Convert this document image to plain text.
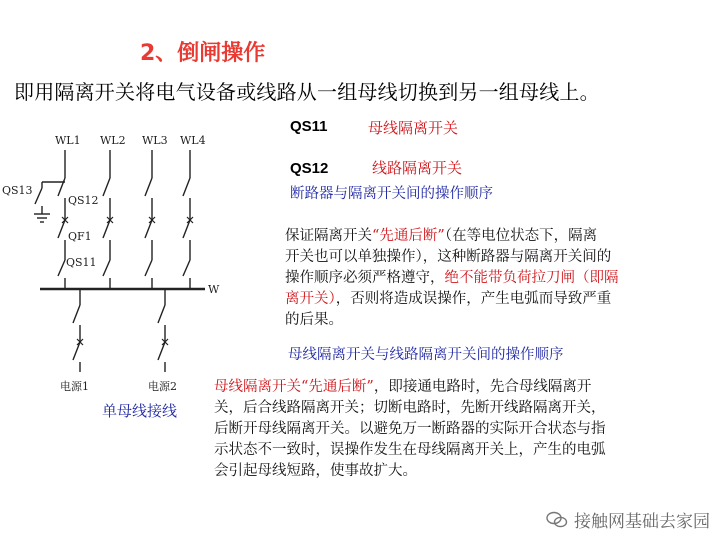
2、倒闸操作
即用隔离开关将电气设备或线路从一组母线切换到另一组母线上。
WL1 WL2 WL3 WL4
QS13
QS12
QF1
QS11
W
电源1	电源2
单母线接线
QS11	母线隔离开关
QS12	线路隔离开关
断路器与隔离开关间的操作顺序
保证隔离开关“先通后断”（在等电位状态下，隔离
开关也可以单独操作），这种断路器与隔离开关间的
操作顺序必须严格遵守，绝不能带负荷拉刀闸（即隔
离开关），否则将造成误操作，产生电弧而导致严重
的后果。
母线隔离开关与线路隔离开关间的操作顺序
母线隔离开关“先通后断”，即接通电路时，先合母线隔离开
关，后合线路隔离开关；切断电路时，先断开线路隔离开关，
后断开母线隔离开关。以避免万一断路器的实际开合状态与指
示状态不一致时，误操作发生在母线隔离开关上，产生的电弧
会引起母线短路，使事故扩大。
接触网基础去家园
